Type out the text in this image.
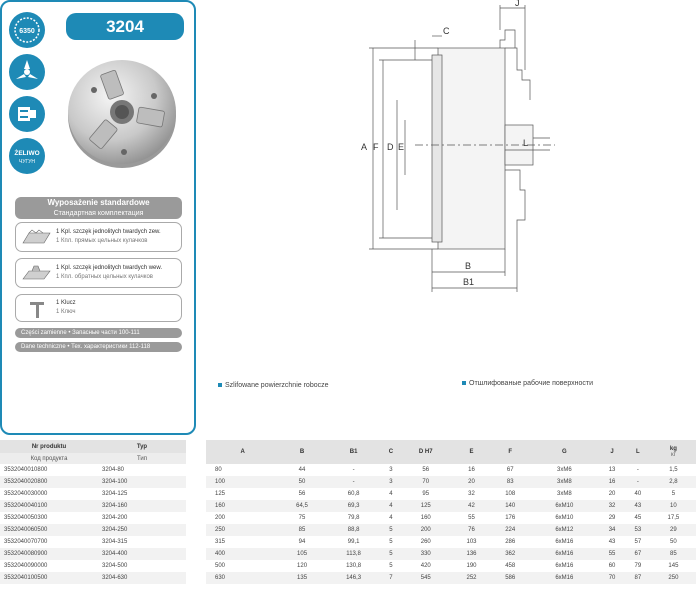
6350
ŻELIWO
ЧУГУН
3204
Wyposażenie standardowe
Стандартная комплектация
1 Kpl. szczęk jednolitych twardych zew.
1 Кпл. прямых цельных кулачков
1 Kpl. szczęk jednolitych twardych wew.
1 Кпл. обратных цельных кулачков
1 Klucz
1 Ключ
Części zamienne • Запасные части 100-111
Dane techniczne • Тех. характеристики 112-118
J
C
A F D E	L
B
B1
Szlifowane powierzchnie robocze	Отшлифованые рабочие поверхности
Nr produktu	Typ
Код продукта	Тип
3532040010800	3204-80
3532040020800	3204-100
3532040030000	3204-125
3532040040100	3204-160
3532040050300	3204-200
3532040060500	3204-250
3532040070700	3204-315
3532040080900	3204-400
3532040090000	3204-500
3532040100500	3204-630
A	B	B1	C	D H7	E	F	G	J	L	kg
кг

80	44	-	3	56	16	67	3xM6	13	-	1,5
100	50	-	3	70	20	83	3xM8	16	-	2,8
125	56	60,8	4	95	32	108	3xM8	20	40	5
160	64,5	69,3	4	125	42	140	6xM10	32	43	10
200	75	79,8	4	160	55	176	6xM10	29	45	17,5
250	85	88,8	5	200	76	224	6xM12	34	53	29
315	94	99,1	5	260	103	286	6xM16	43	57	50
400	105	113,8	5	330	136	362	6xM16	55	67	85
500	120	130,8	5	420	190	458	6xM16	60	79	145
630	135	146,3	7	545	252	586	6xM16	70	87	250
